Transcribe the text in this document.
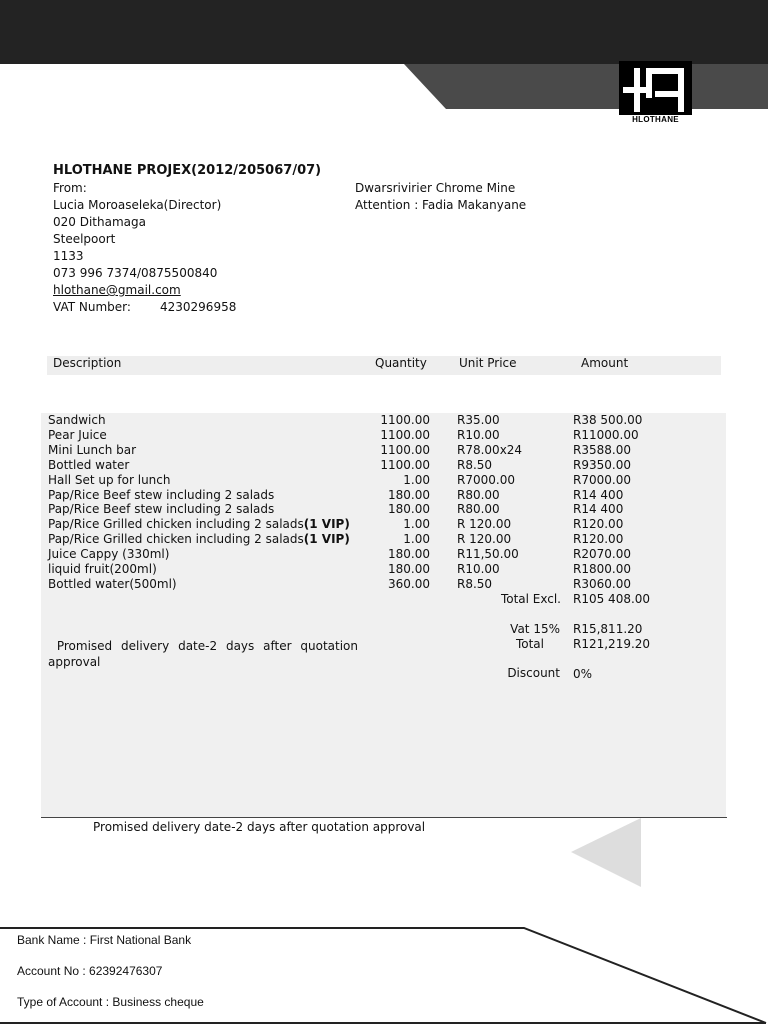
HLOTHANE
HLOTHANE PROJEX(2012/205067/07)
From:
Lucia Moroaseleka(Director)
020 Dithamaga
Steelpoort
1133
073 996 7374/0875500840
hlothane@gmail.com
VAT Number: 4230296958
Dwarsrivirier Chrome Mine
Attention : Fadia Makanyane
Description	Quantity	Unit Price	Amount
Sandwich	1100.00 R35.00	R38 500.00
Pear Juice	1100.00 R10.00	R11000.00
Mini Lunch bar	1100.00 R78.00x24	R3588.00
Bottled water	1100.00 R8.50	R9350.00
Hall Set up for lunch	1.00 R7000.00	R7000.00
Pap/Rice Beef stew including 2 salads	180.00 R80.00	R14 400
Pap/Rice Beef stew including 2 salads	180.00 R80.00	R14 400
Pap/Rice Grilled chicken including 2 salads(1 VIP)	1.00 R 120.00	R120.00
Pap/Rice Grilled chicken including 2 salads(1 VIP)	1.00 R 120.00	R120.00
Juice Cappy (330ml)	180.00 R11,50.00	R2070.00
liquid fruit(200ml)	180.00 R10.00	R1800.00
Bottled water(500ml)	360.00 R8.50	R3060.00
Total Excl. R105 408.00
Vat 15% R15,811.20
Total R121,219.20
Discount 0%
Promised delivery date-2 days after quotation approval
Promised delivery date-2 days after quotation approval
Bank Name : First National Bank
Account No : 62392476307
Type of Account : Business cheque
